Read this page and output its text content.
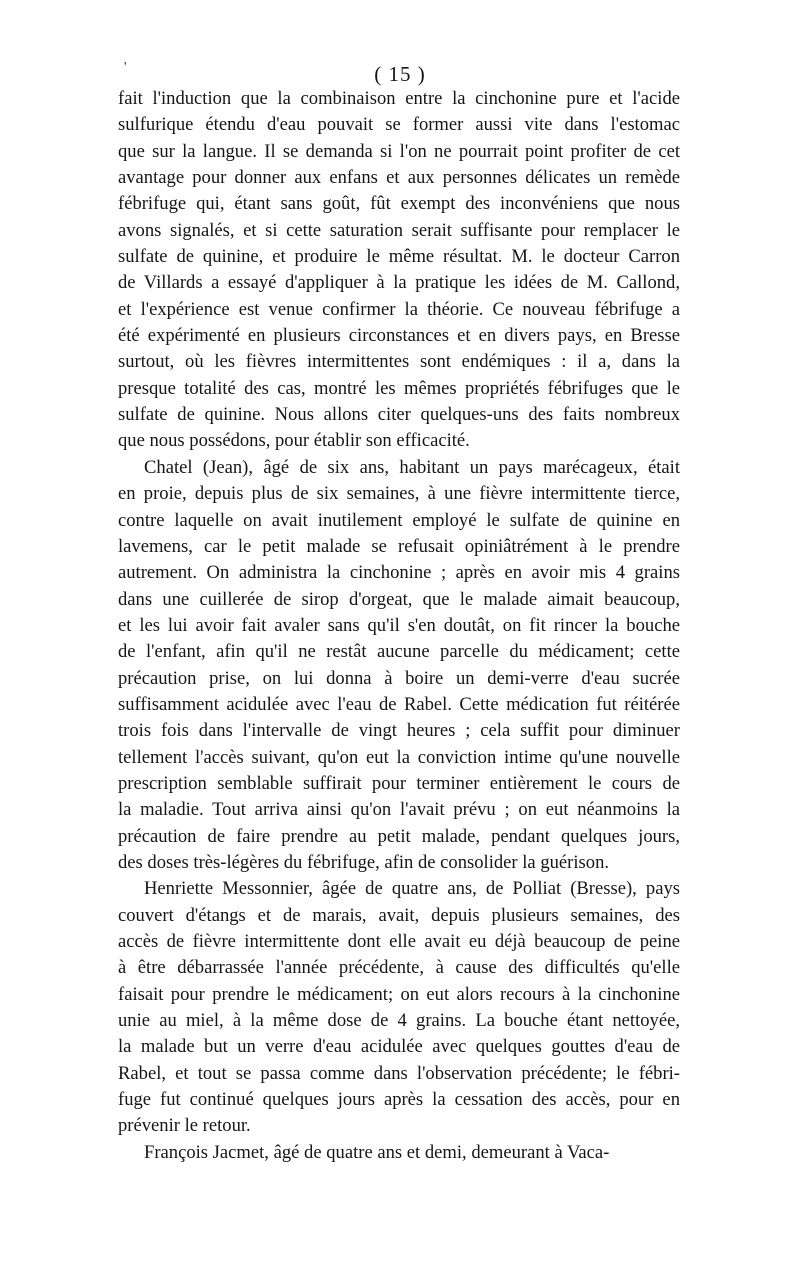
'	( 15 )
fait l'induction que la combinaison entre la cinchonine pure et l'acide
sulfurique étendu d'eau pouvait se former aussi vite dans l'estomac
que sur la langue. Il se demanda si l'on ne pourrait point profiter de cet
avantage pour donner aux enfans et aux personnes délicates un remède
fébrifuge qui, étant sans goût, fût exempt des inconvéniens que nous
avons signalés, et si cette saturation serait suffisante pour remplacer le
sulfate de quinine, et produire le même résultat. M. le docteur Carron
de Villards a essayé d'appliquer à la pratique les idées de M. Callond,
et l'expérience est venue confirmer la théorie. Ce nouveau fébrifuge a
été expérimenté en plusieurs circonstances et en divers pays, en Bresse
surtout, où les fièvres intermittentes sont endémiques : il a, dans la
presque totalité des cas, montré les mêmes propriétés fébrifuges que le
sulfate de quinine. Nous allons citer quelques-uns des faits nombreux
que nous possédons, pour établir son efficacité.
Chatel (Jean), âgé de six ans, habitant un pays marécageux, était
en proie, depuis plus de six semaines, à une fièvre intermittente tierce,
contre laquelle on avait inutilement employé le sulfate de quinine en
lavemens, car le petit malade se refusait opiniâtrément à le prendre
autrement. On administra la cinchonine ; après en avoir mis 4 grains
dans une cuillerée de sirop d'orgeat, que le malade aimait beaucoup,
et les lui avoir fait avaler sans qu'il s'en doutât, on fit rincer la bouche
de l'enfant, afin qu'il ne restât aucune parcelle du médicament; cette
précaution prise, on lui donna à boire un demi-verre d'eau sucrée
suffisamment acidulée avec l'eau de Rabel. Cette médication fut réitérée
trois fois dans l'intervalle de vingt heures ; cela suffit pour diminuer
tellement l'accès suivant, qu'on eut la conviction intime qu'une nouvelle
prescription semblable suffirait pour terminer entièrement le cours de
la maladie. Tout arriva ainsi qu'on l'avait prévu ; on eut néanmoins la
précaution de faire prendre au petit malade, pendant quelques jours,
des doses très-légères du fébrifuge, afin de consolider la guérison.
Henriette Messonnier, âgée de quatre ans, de Polliat (Bresse), pays
couvert d'étangs et de marais, avait, depuis plusieurs semaines, des
accès de fièvre intermittente dont elle avait eu déjà beaucoup de peine
à être débarrassée l'année précédente, à cause des difficultés qu'elle
faisait pour prendre le médicament; on eut alors recours à la cinchonine
unie au miel, à la même dose de 4 grains. La bouche étant nettoyée,
la malade but un verre d'eau acidulée avec quelques gouttes d'eau de
Rabel, et tout se passa comme dans l'observation précédente; le fébri-
fuge fut continué quelques jours après la cessation des accès, pour en
prévenir le retour.
François Jacmet, âgé de quatre ans et demi, demeurant à Vaca-
